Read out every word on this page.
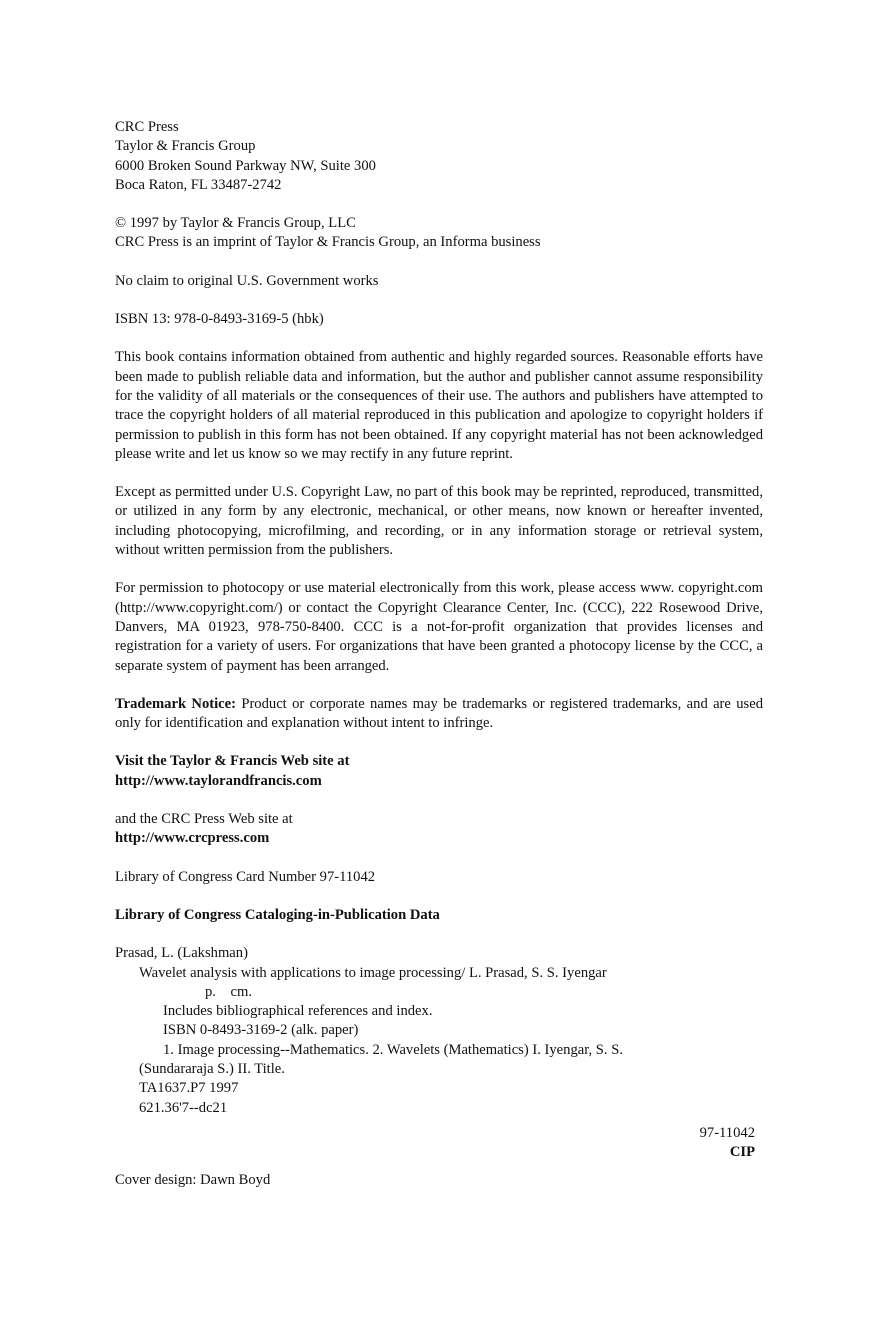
CRC Press
Taylor & Francis Group
6000 Broken Sound Parkway NW, Suite 300
Boca Raton, FL 33487-2742
© 1997 by Taylor & Francis Group, LLC
CRC Press is an imprint of Taylor & Francis Group, an Informa business
No claim to original U.S. Government works
ISBN 13: 978-0-8493-3169-5 (hbk)

This book contains information obtained from authentic and highly regarded sources. Reasonable efforts have been made to publish reliable data and information, but the author and publisher cannot assume responsibility for the validity of all materials or the consequences of their use. The authors and publishers have attempted to trace the copyright holders of all material reproduced in this publication and apologize to copyright holders if permission to publish in this form has not been obtained. If any copyright material has not been acknowledged please write and let us know so we may rectify in any future reprint.

Except as permitted under U.S. Copyright Law, no part of this book may be reprinted, reproduced, transmitted, or utilized in any form by any electronic, mechanical, or other means, now known or hereafter invented, including photocopying, microfilming, and recording, or in any information storage or retrieval system, without written permission from the publishers.

For permission to photocopy or use material electronically from this work, please access www. copyright.com (http://www.copyright.com/) or contact the Copyright Clearance Center, Inc. (CCC), 222 Rosewood Drive, Danvers, MA 01923, 978-750-8400. CCC is a not-for-profit organization that provides licenses and registration for a variety of users. For organizations that have been granted a photocopy license by the CCC, a separate system of payment has been arranged.

Trademark Notice: Product or corporate names may be trademarks or registered trademarks, and are used only for identification and explanation without intent to infringe.

Visit the Taylor & Francis Web site at
http://www.taylorandfrancis.com
and the CRC Press Web site at
http://www.crcpress.com
Library of Congress Card Number 97-11042
Library of Congress Cataloging-in-Publication Data
Prasad, L. (Lakshman)
Wavelet analysis with applications to image processing/ L. Prasad, S. S. Iyengar
p.    cm.
Includes bibliographical references and index.
ISBN 0-8493-3169-2 (alk. paper)
1. Image processing--Mathematics. 2. Wavelets (Mathematics) I. Iyengar, S. S.
(Sundararaja S.) II. Title.
TA1637.P7 1997
621.36'7--dc21
97-11042
CIP
Cover design: Dawn Boyd
